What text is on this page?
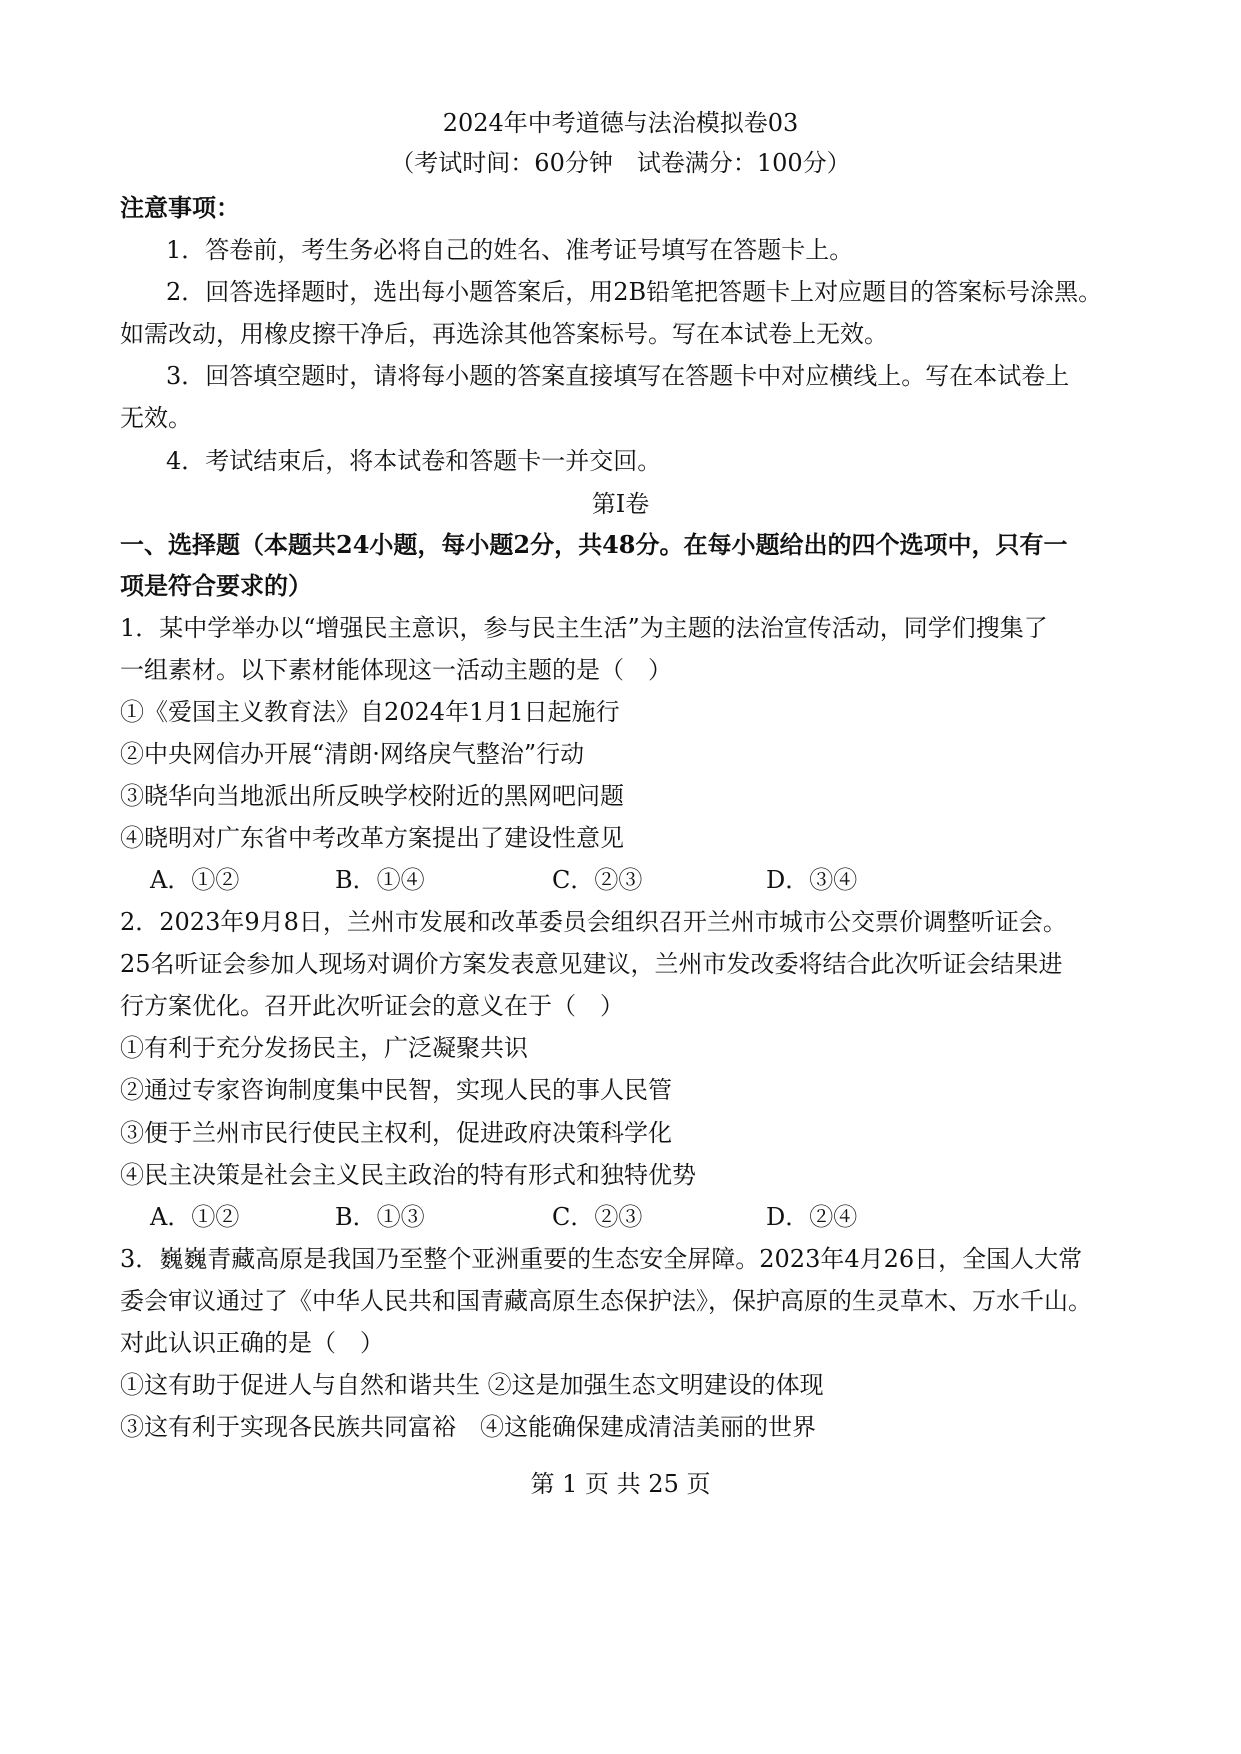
2024年中考道德与法治模拟卷03
（考试时间：60分钟　试卷满分：100分）
注意事项：
1．答卷前，考生务必将自己的姓名、准考证号填写在答题卡上。
2．回答选择题时，选出每小题答案后，用2B铅笔把答题卡上对应题目的答案标号涂黑。
如需改动，用橡皮擦干净后，再选涂其他答案标号。写在本试卷上无效。
3．回答填空题时，请将每小题的答案直接填写在答题卡中对应横线上。写在本试卷上
无效。
4．考试结束后，将本试卷和答题卡一并交回。
第Ⅰ卷
一、选择题（本题共24小题，每小题2分，共48分。在每小题给出的四个选项中，只有一
项是符合要求的）
1．某中学举办以“增强民主意识，参与民主生活”为主题的法治宣传活动，同学们搜集了
一组素材。以下素材能体现这一活动主题的是（　）
①《爱国主义教育法》自2024年1月1日起施行
②中央网信办开展“清朗·网络戾气整治”行动
③晓华向当地派出所反映学校附近的黑网吧问题
④晓明对广东省中考改革方案提出了建设性意见
A．①②	B．①④	C．②③	D．③④
2．2023年9月8日，兰州市发展和改革委员会组织召开兰州市城市公交票价调整听证会。
25名听证会参加人现场对调价方案发表意见建议，兰州市发改委将结合此次听证会结果进
行方案优化。召开此次听证会的意义在于（　）
①有利于充分发扬民主，广泛凝聚共识
②通过专家咨询制度集中民智，实现人民的事人民管
③便于兰州市民行使民主权利，促进政府决策科学化
④民主决策是社会主义民主政治的特有形式和独特优势
A．①②	B．①③	C．②③	D．②④
3．巍巍青藏高原是我国乃至整个亚洲重要的生态安全屏障。2023年4月26日，全国人大常
委会审议通过了《中华人民共和国青藏高原生态保护法》，保护高原的生灵草木、万水千山。
对此认识正确的是（　）
①这有助于促进人与自然和谐共生 ②这是加强生态文明建设的体现
③这有利于实现各民族共同富裕　④这能确保建成清洁美丽的世界
第 1 页 共 25 页
